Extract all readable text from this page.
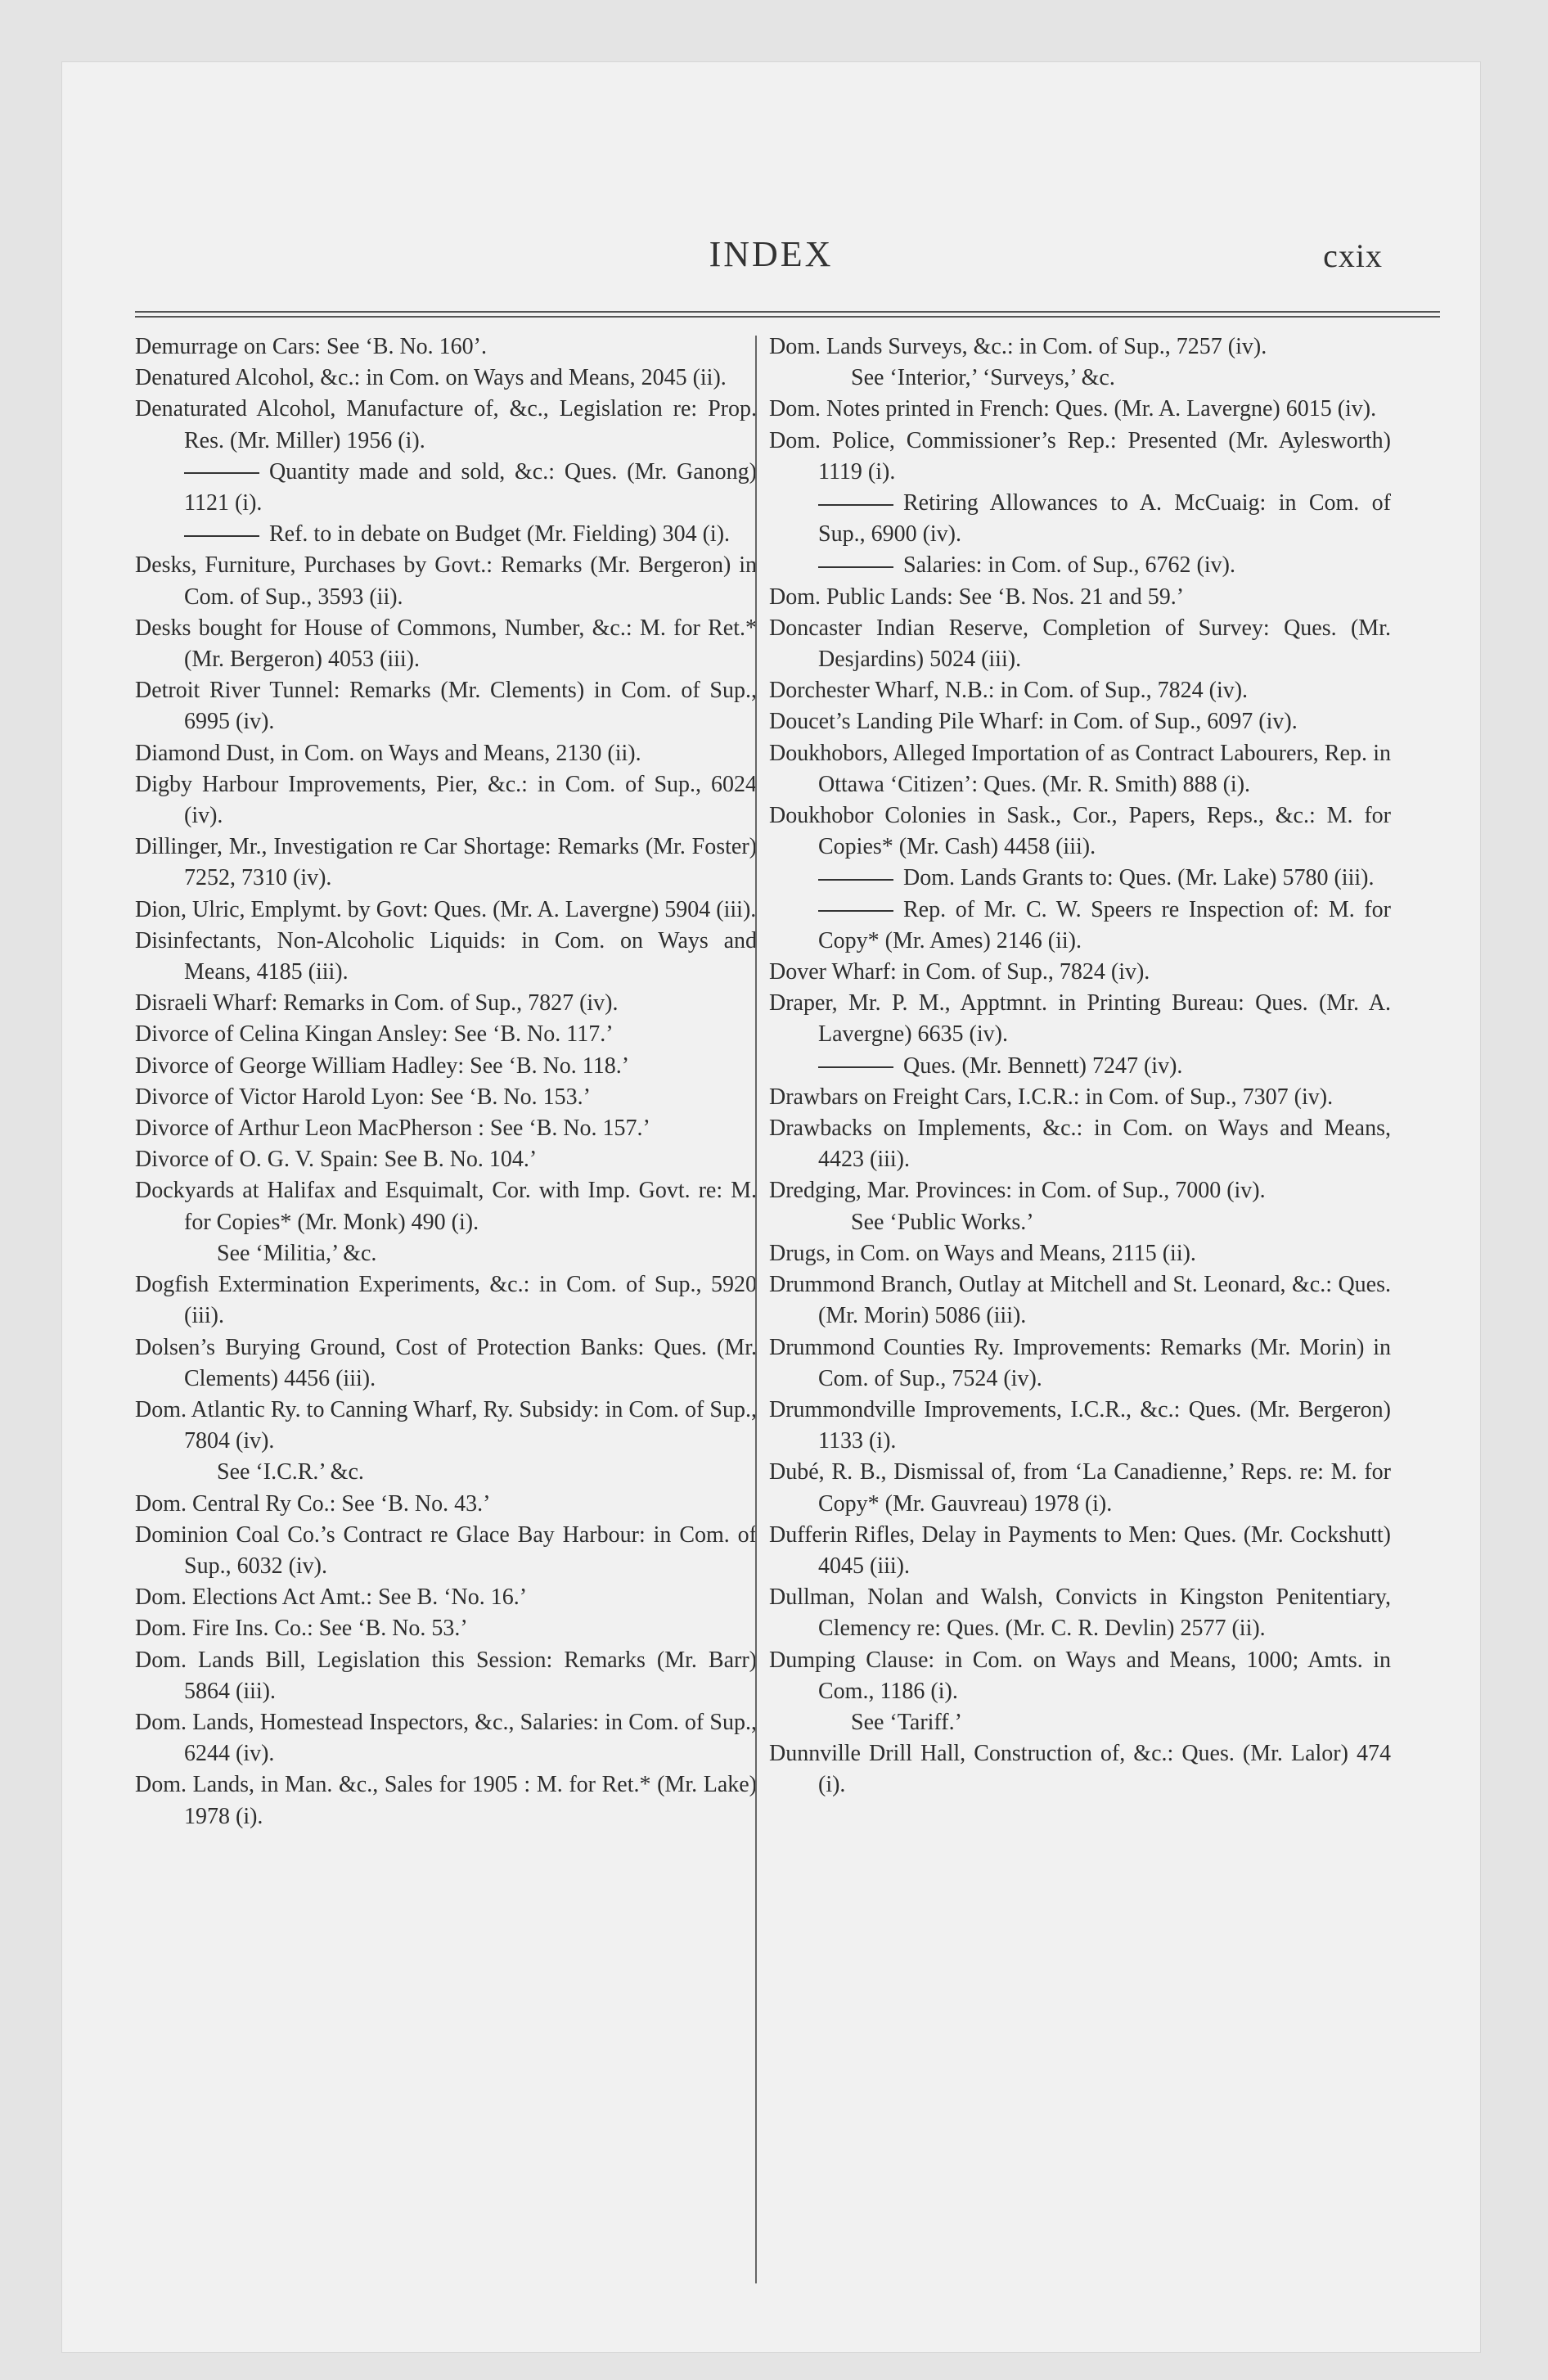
INDEX	cxix

Demurrage on Cars: See ‘B. No. 160’.

Denatured Alcohol, &c.: in Com. on Ways and Means, 2045 (ii).

Denaturated Alcohol, Manufacture of, &c., Legislation re: Prop. Res. (Mr. Miller) 1956 (i).

Quantity made and sold, &c.: Ques. (Mr. Ganong) 1121 (i).

Ref. to in debate on Budget (Mr. Fielding) 304 (i).

Desks, Furniture, Purchases by Govt.: Remarks (Mr. Bergeron) in Com. of Sup., 3593 (ii).

Desks bought for House of Commons, Number, &c.: M. for Ret.* (Mr. Bergeron) 4053 (iii).

Detroit River Tunnel: Remarks (Mr. Clements) in Com. of Sup., 6995 (iv).

Diamond Dust, in Com. on Ways and Means, 2130 (ii).

Digby Harbour Improvements, Pier, &c.: in Com. of Sup., 6024 (iv).

Dillinger, Mr., Investigation re Car Shortage: Remarks (Mr. Foster) 7252, 7310 (iv).

Dion, Ulric, Emplymt. by Govt: Ques. (Mr. A. Lavergne) 5904 (iii).

Disinfectants, Non-Alcoholic Liquids: in Com. on Ways and Means, 4185 (iii).

Disraeli Wharf: Remarks in Com. of Sup., 7827 (iv).

Divorce of Celina Kingan Ansley: See ‘B. No. 117.’

Divorce of George William Hadley: See ‘B. No. 118.’

Divorce of Victor Harold Lyon: See ‘B. No. 153.’

Divorce of Arthur Leon MacPherson : See ‘B. No. 157.’

Divorce of O. G. V. Spain: See B. No. 104.’

Dockyards at Halifax and Esquimalt, Cor. with Imp. Govt. re: M. for Copies* (Mr. Monk) 490 (i).

See ‘Militia,’ &c.

Dogfish Extermination Experiments, &c.: in Com. of Sup., 5920 (iii).

Dolsen’s Burying Ground, Cost of Protection Banks: Ques. (Mr. Clements) 4456 (iii).

Dom. Atlantic Ry. to Canning Wharf, Ry. Subsidy: in Com. of Sup., 7804 (iv).

See ‘I.C.R.’ &c.

Dom. Central Ry Co.: See ‘B. No. 43.’

Dominion Coal Co.’s Contract re Glace Bay Harbour: in Com. of Sup., 6032 (iv).

Dom. Elections Act Amt.: See B. ‘No. 16.’

Dom. Fire Ins. Co.: See ‘B. No. 53.’

Dom. Lands Bill, Legislation this Session: Remarks (Mr. Barr) 5864 (iii).

Dom. Lands, Homestead Inspectors, &c., Salaries: in Com. of Sup., 6244 (iv).

Dom. Lands, in Man. &c., Sales for 1905 : M. for Ret.* (Mr. Lake) 1978 (i).

Dom. Lands Surveys, &c.: in Com. of Sup., 7257 (iv).

See ‘Interior,’ ‘Surveys,’ &c.

Dom. Notes printed in French: Ques. (Mr. A. Lavergne) 6015 (iv).

Dom. Police, Commissioner’s Rep.: Presented (Mr. Aylesworth) 1119 (i).

Retiring Allowances to A. McCuaig: in Com. of Sup., 6900 (iv).

Salaries: in Com. of Sup., 6762 (iv).

Dom. Public Lands: See ‘B. Nos. 21 and 59.’

Doncaster Indian Reserve, Completion of Survey: Ques. (Mr. Desjardins) 5024 (iii).

Dorchester Wharf, N.B.: in Com. of Sup., 7824 (iv).

Doucet’s Landing Pile Wharf: in Com. of Sup., 6097 (iv).

Doukhobors, Alleged Importation of as Contract Labourers, Rep. in Ottawa ‘Citizen’: Ques. (Mr. R. Smith) 888 (i).

Doukhobor Colonies in Sask., Cor., Papers, Reps., &c.: M. for Copies* (Mr. Cash) 4458 (iii).

Dom. Lands Grants to: Ques. (Mr. Lake) 5780 (iii).

Rep. of Mr. C. W. Speers re Inspection of: M. for Copy* (Mr. Ames) 2146 (ii).

Dover Wharf: in Com. of Sup., 7824 (iv).

Draper, Mr. P. M., Apptmnt. in Printing Bureau: Ques. (Mr. A. Lavergne) 6635 (iv).

Ques. (Mr. Bennett) 7247 (iv).

Drawbars on Freight Cars, I.C.R.: in Com. of Sup., 7307 (iv).

Drawbacks on Implements, &c.: in Com. on Ways and Means, 4423 (iii).

Dredging, Mar. Provinces: in Com. of Sup., 7000 (iv).

See ‘Public Works.’

Drugs, in Com. on Ways and Means, 2115 (ii).

Drummond Branch, Outlay at Mitchell and St. Leonard, &c.: Ques. (Mr. Morin) 5086 (iii).

Drummond Counties Ry. Improvements: Remarks (Mr. Morin) in Com. of Sup., 7524 (iv).

Drummondville Improvements, I.C.R., &c.: Ques. (Mr. Bergeron) 1133 (i).

Dubé, R. B., Dismissal of, from ‘La Canadienne,’ Reps. re: M. for Copy* (Mr. Gauvreau) 1978 (i).

Dufferin Rifles, Delay in Payments to Men: Ques. (Mr. Cockshutt) 4045 (iii).

Dullman, Nolan and Walsh, Convicts in Kingston Penitentiary, Clemency re: Ques. (Mr. C. R. Devlin) 2577 (ii).

Dumping Clause: in Com. on Ways and Means, 1000; Amts. in Com., 1186 (i).

See ‘Tariff.’

Dunnville Drill Hall, Construction of, &c.: Ques. (Mr. Lalor) 474 (i).
